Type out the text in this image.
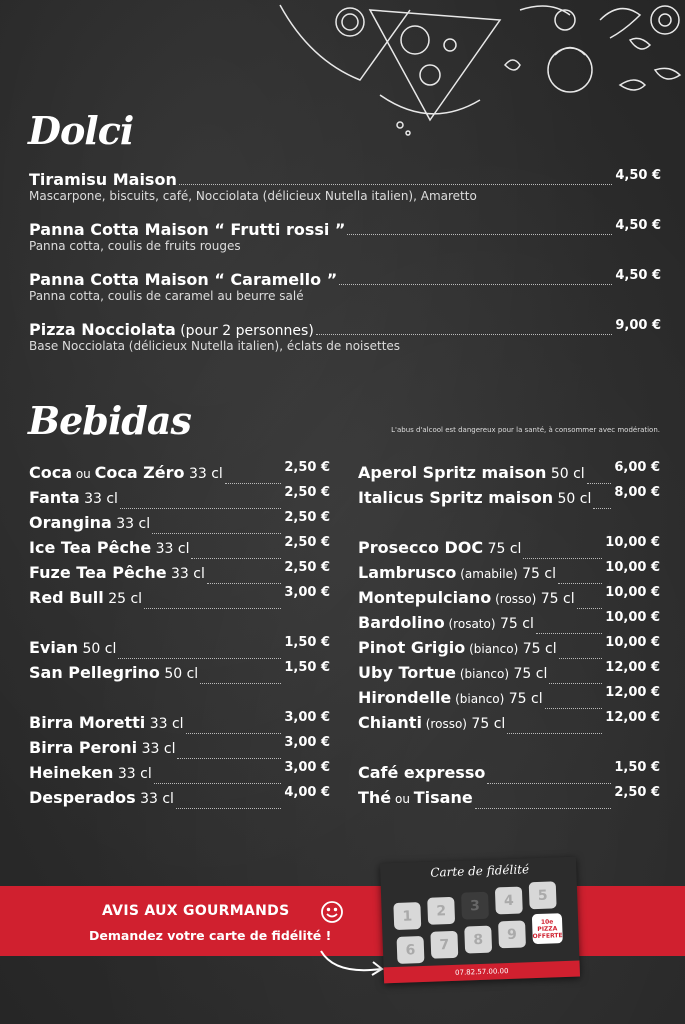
Dolci
Tiramisu Maison	4,50 €
Mascarpone, biscuits, café, Nocciolata (délicieux Nutella italien), Amaretto
Panna Cotta Maison “ Frutti rossi ”	4,50 €
Panna cotta, coulis de fruits rouges
Panna Cotta Maison “ Caramello ”	4,50 €
Panna cotta, coulis de caramel au beurre salé
Pizza Nocciolata (pour 2 personnes)	9,00 €
Base Nocciolata (délicieux Nutella italien), éclats de noisettes
Bebidas	L'abus d'alcool est dangereux pour la santé, à consommer avec modération.
Coca ou Coca Zéro 33 cl	2,50 €
Fanta 33 cl	2,50 €
Orangina 33 cl	2,50 €
Ice Tea Pêche 33 cl	2,50 €
Fuze Tea Pêche 33 cl	2,50 €
Red Bull 25 cl	3,00 €
Evian 50 cl	1,50 €
San Pellegrino 50 cl	1,50 €
Birra Moretti 33 cl	3,00 €
Birra Peroni 33 cl	3,00 €
Heineken 33 cl	3,00 €
Desperados 33 cl	4,00 €
Aperol Spritz maison 50 cl 6,00 €
Italicus Spritz maison 50 cl 8,00 €
Prosecco DOC 75 cl	10,00 €
Lambrusco (amabile) 75 cl	10,00 €
Montepulciano (rosso) 75 cl 10,00 €
Bardolino (rosato) 75 cl	10,00 €
Pinot Grigio (bianco) 75 cl	10,00 €
Uby Tortue (bianco) 75 cl	12,00 €
Hirondelle (bianco) 75 cl	12,00 €
Chianti (rosso) 75 cl	12,00 €
Café expresso	1,50 €
Thé ou Tisane	2,50 €
AVIS AUX GOURMANDS
Demandez votre carte de fidélité !
Carte de fidélité
1	2	3	4	5
6	7	8	9
10e PIZZA OFFERTE
07.82.57.00.00
